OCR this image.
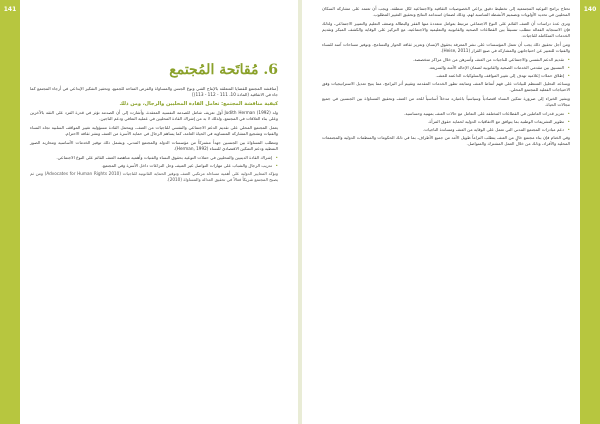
141
6. مُقاتَحة المُجتمع

[مناقشة المجتمع للقضايا المتعلقة بالإنتاج الفني ونوع الجنس والمساواة والفرص المتاحة للجميع، وتحفيز التفكير الإبداعي في أرجاء المجتمع كما جاء في الاتفاقية (المادة 10، 111 - 112 - 113)]

كيفية مناقشة المجتمع: تعامل القادة المحليين والرجال، ومن ذلك

ولد Judith Herman (1992) أول تعريف شامل للصدمة النفسية المعقدة، وأشارت إلى أن الصدمة تؤثر في قدرة الفرد على الثقة بالآخرين وعلى بناء العلاقات في المجتمع، ولذلك لا بد من إشراك القادة المحليين في عملية التعافي ودعم الناجين.

يعمل المجتمع المحلي على تقديم الدعم الاجتماعي والنفسي للناجيات من العنف، ويتحمل القادة مسؤولية تغيير المواقف السلبية تجاه النساء والفتيات وتشجيع المشاركة المتساوية في الحياة العامة، كما يساهم الرجال في حماية الأسرة من العنف ونشر ثقافة الاحترام.

وتتطلب المساواة بين الجنسين جهداً مشتركاً من مؤسسات الدولة والمجتمع المدني، ويشمل ذلك توفير الخدمات الأساسية ومحاربة الصور النمطية ودعم التمكين الاقتصادي للنساء (Herman, 1992).

• إشراك القادة الدينيين والمحليين في حملات التوعية بحقوق النساء والفتيات وأهمية مناهضة العنف القائم على النوع الاجتماعي.

• تدريب الرجال والشباب على مهارات التواصل غير العنيف وحل النزاعات داخل الأسرة وفي المجتمع.

وتؤكد المعايير الدولية على أهمية مساءلة مرتكبي العنف وتوفير الحماية القانونية للناجيات (Advocates for Human Rights 2010) ومن ثم يصبح المجتمع شريكاً فعالاً في تحقيق العدالة والمساواة (2010).

140

تحتاج برامج التوعية المجتمعية إلى تخطيط دقيق يراعي الخصوصيات الثقافية والاجتماعية لكل منطقة، ويجب أن تعتمد على مشاركة السكان المحليين في تحديد الأولويات وتصميم الأنشطة المناسبة لهم، وذلك لضمان استدامة النتائج وتحقيق التغيير المطلوب.

وترى عدة دراسات أن العنف القائم على النوع الاجتماعي مرتبط بعوامل متعددة منها الفقر والبطالة وضعف التعليم والتمييز الاجتماعي، ولذلك فإن الاستجابة الفعالة تتطلب تنسيقاً بين القطاعات الصحية والقانونية والتعليمية والاجتماعية، مع التركيز على الوقاية والكشف المبكر وتقديم الخدمات المتكاملة للناجيات.

ومن أجل تحقيق ذلك يجب أن تعمل المؤسسات على نشر المعرفة بحقوق الإنسان وتعزيز ثقافة الحوار والتسامح، وتوفير مساحات آمنة للنساء والفتيات للتعبير عن احتياجاتهن والمشاركة في صنع القرار (Heise, 2011).

• تقديم الدعم النفسي والاجتماعي للناجيات من العنف وأسرهن من خلال مراكز متخصصة.

• التنسيق بين مقدمي الخدمات الصحية والقانونية لضمان الإحالة الآمنة والسريعة.

• إطلاق حملات إعلامية تهدف إلى تغيير المواقف والسلوكيات الداعمة للعنف.

ويساعد التحليل المنتظم للبيانات على فهم أنماط العنف ومتابعة تطور الخدمات المقدمة وتقييم أثر البرامج، مما يتيح تعديل الاستراتيجيات وفق الاحتياجات الفعلية للمجتمع المحلي.

ويشير الخبراء إلى ضرورة تمكين النساء اقتصادياً وسياسياً باعتباره مدخلاً أساسياً للحد من العنف وتحقيق المساواة بين الجنسين في جميع مجالات الحياة.

• تعزيز قدرات العاملين في القطاعات المختلفة على التعامل مع حالات العنف بمهنية وحساسية.

• تطوير التشريعات الوطنية بما يتوافق مع الاتفاقيات الدولية لحماية حقوق المرأة.

• دعم مبادرات المجتمع المدني التي تعمل على الوقاية من العنف ومساندة الناجيات.

وفي الختام فإن بناء مجتمع خالٍ من العنف يتطلب التزاماً طويل الأمد من جميع الأطراف، بما في ذلك الحكومات والمنظمات الدولية والمجتمعات المحلية والأفراد، وذلك من خلال العمل المشترك والمتواصل.
